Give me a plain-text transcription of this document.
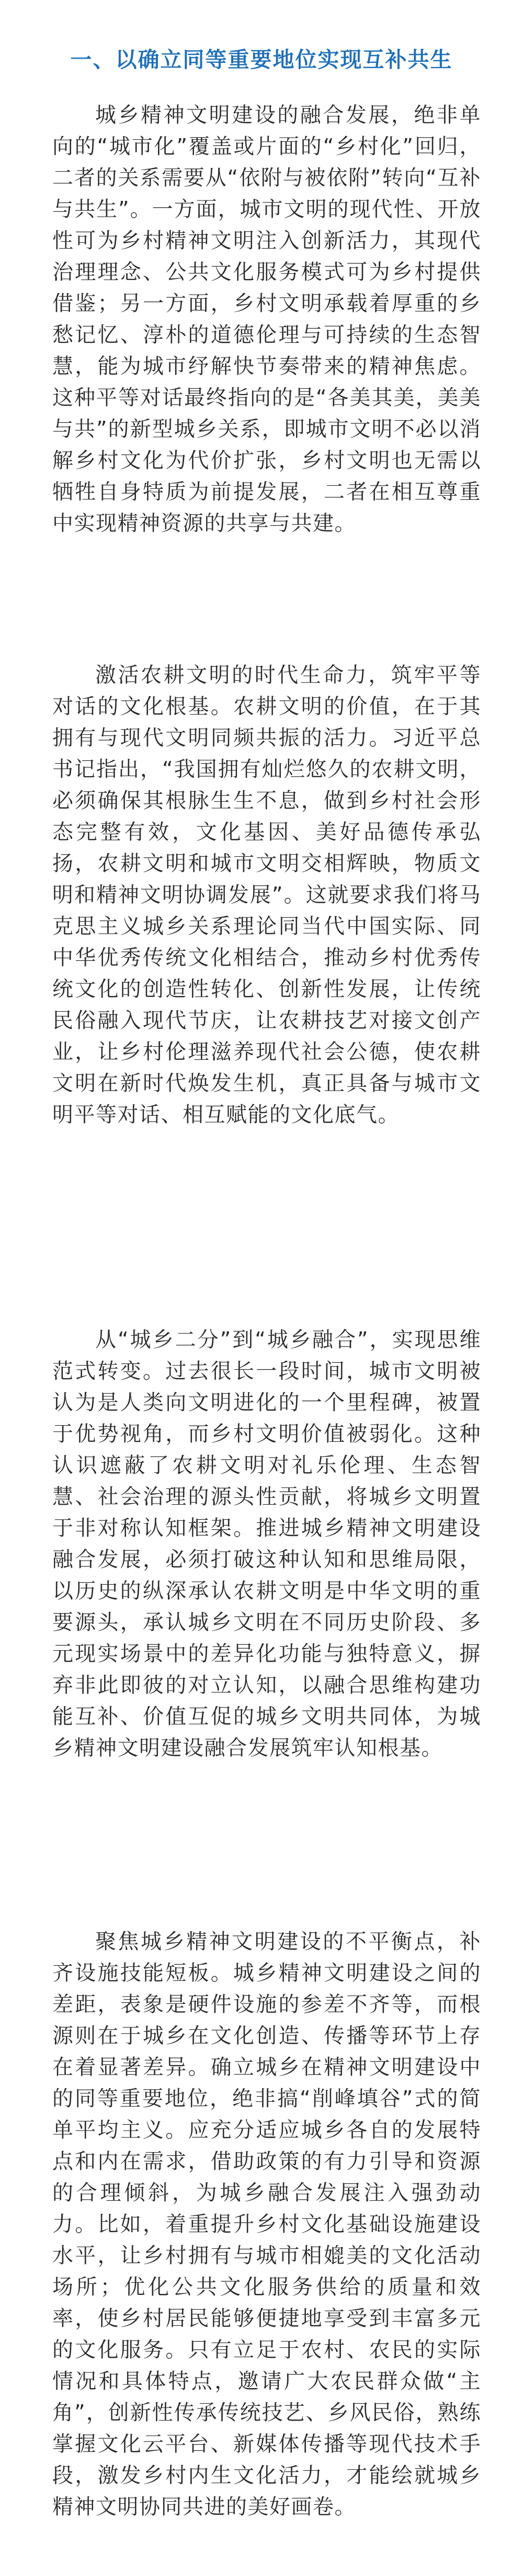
一、以确立同等重要地位实现互补共生

城乡精神文明建设的融合发展，绝非单向的“城市化”覆盖或片面的“乡村化”回归，二者的关系需要从“依附与被依附”转向“互补与共生”。一方面，城市文明的现代性、开放性可为乡村精神文明注入创新活力，其现代治理理念、公共文化服务模式可为乡村提供借鉴；另一方面，乡村文明承载着厚重的乡愁记忆、淳朴的道德伦理与可持续的生态智慧，能为城市纾解快节奏带来的精神焦虑。这种平等对话最终指向的是“各美其美，美美与共”的新型城乡关系，即城市文明不必以消解乡村文化为代价扩张，乡村文明也无需以牺牲自身特质为前提发展，二者在相互尊重中实现精神资源的共享与共建。

激活农耕文明的时代生命力，筑牢平等对话的文化根基。农耕文明的价值，在于其拥有与现代文明同频共振的活力。习近平总书记指出，“我国拥有灿烂悠久的农耕文明，必须确保其根脉生生不息，做到乡村社会形态完整有效，文化基因、美好品德传承弘扬，农耕文明和城市文明交相辉映，物质文明和精神文明协调发展”。这就要求我们将马克思主义城乡关系理论同当代中国实际、同中华优秀传统文化相结合，推动乡村优秀传统文化的创造性转化、创新性发展，让传统民俗融入现代节庆，让农耕技艺对接文创产业，让乡村伦理滋养现代社会公德，使农耕文明在新时代焕发生机，真正具备与城市文明平等对话、相互赋能的文化底气。

从“城乡二分”到“城乡融合”，实现思维范式转变。过去很长一段时间，城市文明被认为是人类向文明进化的一个里程碑，被置于优势视角，而乡村文明价值被弱化。这种认识遮蔽了农耕文明对礼乐伦理、生态智慧、社会治理的源头性贡献，将城乡文明置于非对称认知框架。推进城乡精神文明建设融合发展，必须打破这种认知和思维局限，以历史的纵深承认农耕文明是中华文明的重要源头，承认城乡文明在不同历史阶段、多元现实场景中的差异化功能与独特意义，摒弃非此即彼的对立认知，以融合思维构建功能互补、价值互促的城乡文明共同体，为城乡精神文明建设融合发展筑牢认知根基。

聚焦城乡精神文明建设的不平衡点，补齐设施技能短板。城乡精神文明建设之间的差距，表象是硬件设施的参差不齐等，而根源则在于城乡在文化创造、传播等环节上存在着显著差异。确立城乡在精神文明建设中的同等重要地位，绝非搞“削峰填谷”式的简单平均主义。应充分适应城乡各自的发展特点和内在需求，借助政策的有力引导和资源的合理倾斜，为城乡融合发展注入强劲动力。比如，着重提升乡村文化基础设施建设水平，让乡村拥有与城市相媲美的文化活动场所；优化公共文化服务供给的质量和效率，使乡村居民能够便捷地享受到丰富多元的文化服务。只有立足于农村、农民的实际情况和具体特点，邀请广大农民群众做“主角”，创新性传承传统技艺、乡风民俗，熟练掌握文化云平台、新媒体传播等现代技术手段，激发乡村内生文化活力，才能绘就城乡精神文明协同共进的美好画卷。
